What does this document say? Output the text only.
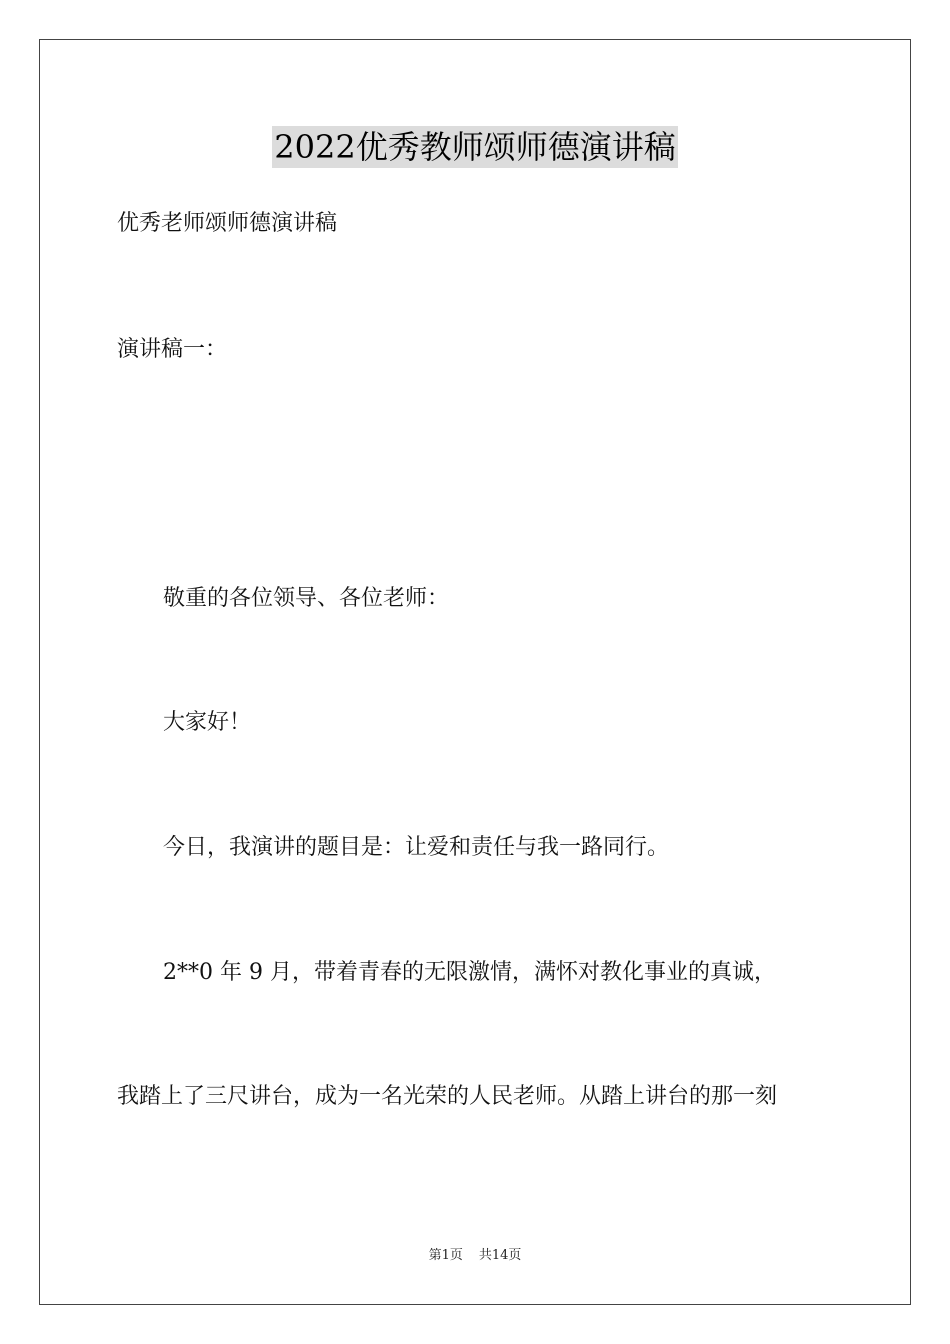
2022优秀教师颂师德演讲稿
优秀老师颂师德演讲稿
演讲稿一：
敬重的各位领导、各位老师：
大家好！
今日，我演讲的题目是：让爱和责任与我一路同行。
2**0 年 9 月，带着青春的无限激情，满怀对教化事业的真诚，
我踏上了三尺讲台，成为一名光荣的人民老师。从踏上讲台的那一刻
第1页 共14页
